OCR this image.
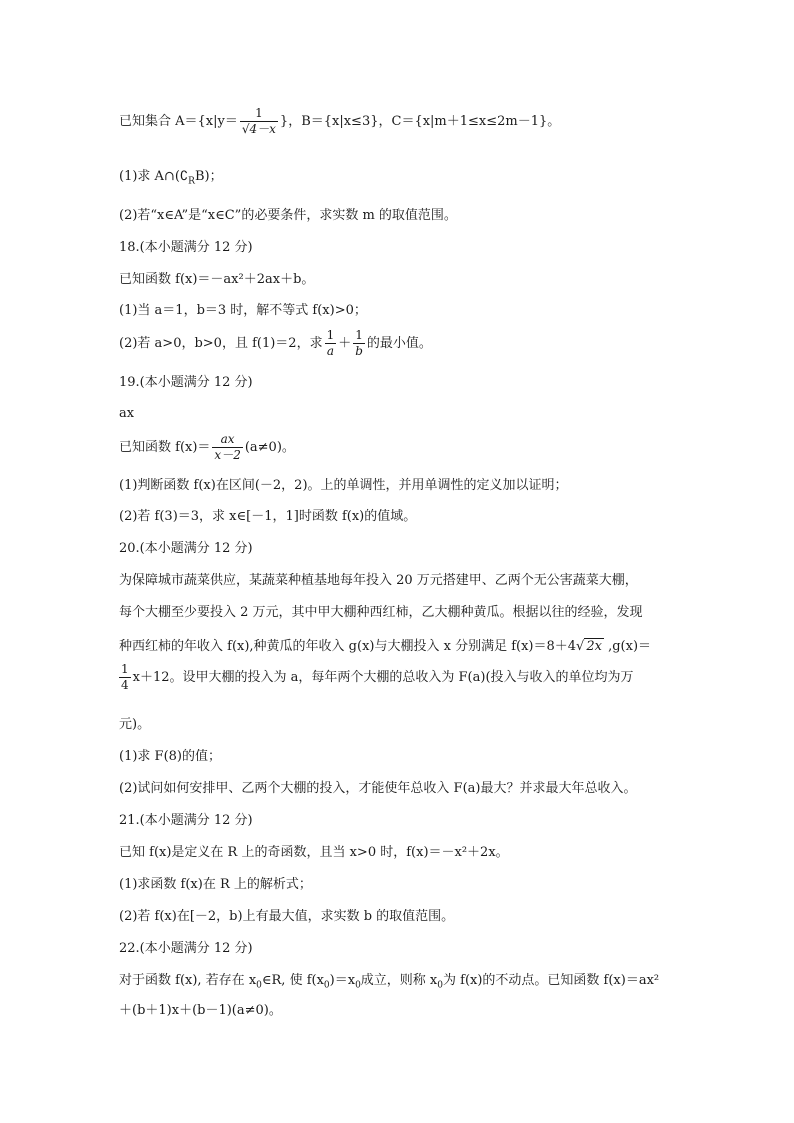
已知集合 $A=\{x|y= \frac{1}{√4-x}$ }，B＝{x|x≤3}，C＝{x|m＋1≤x≤2m－1}。
(1)求 $A\cap(∁_RB)$；
(2)若“x∈A”是“x∈C”的必要条件，求实数 m 的取值范围。
18.(本小题满分 12 分)
已知函数 f(x)＝－ax²＋2ax＋b。
(1)当 a＝1，b＝3 时，解不等式 f(x)>0；
(2)若 a>0，b>0，且 f(1)＝2，求 $\frac{1}{a} + \frac{1}{b}$ 的最小值。
19.(本小题满分 12 分)
ax
已知函数 $f(x)= \frac{ax}{x-2} (a\ne 0)$。
(1)判断函数 f(x)在区间(－2，2)。上的单调性，并用单调性的定义加以证明；
(2)若 f(3)＝3，求 x∈[－1，1]时函数 f(x)的值域。
20.(本小题满分 12 分)
为保障城市蔬菜供应，某蔬菜种植基地每年投入 20 万元搭建甲、乙两个无公害蔬菜大棚，
每个大棚至少要投入 2 万元，其中甲大棚种西红柿，乙大棚种黄瓜。根据以往的经验，发现
种西红柿的年收入 f(x),种黄瓜的年收入 g(x)与大棚投入 x 分别满足 f(x)＝8＋4√ 2x ,g(x)＝
$\frac{1}{4} x+12$。设甲大棚的投入为 a，每年两个大棚的总收入为 F(a)(投入与收入的单位均为万
元)。
(1)求 F(8)的值；
(2)试问如何安排甲、乙两个大棚的投入，才能使年总收入 F(a)最大？并求最大年总收入。
21.(本小题满分 12 分)
已知 f(x)是定义在 R 上的奇函数，且当 x>0 时，f(x)＝－x²＋2x。
(1)求函数 f(x)在 R 上的解析式；
(2)若 f(x)在[－2，b)上有最大值，求实数 b 的取值范围。
22.(本小题满分 12 分)
对于函数 f(x), 若存在 $x_0\in R$, 使 $f(x_0)=x_0$成立，则称 $x_0$为 f(x)的不动点。已知函数 f(x)＝ax²
＋(b＋1)x＋(b－1)(a≠0)。
